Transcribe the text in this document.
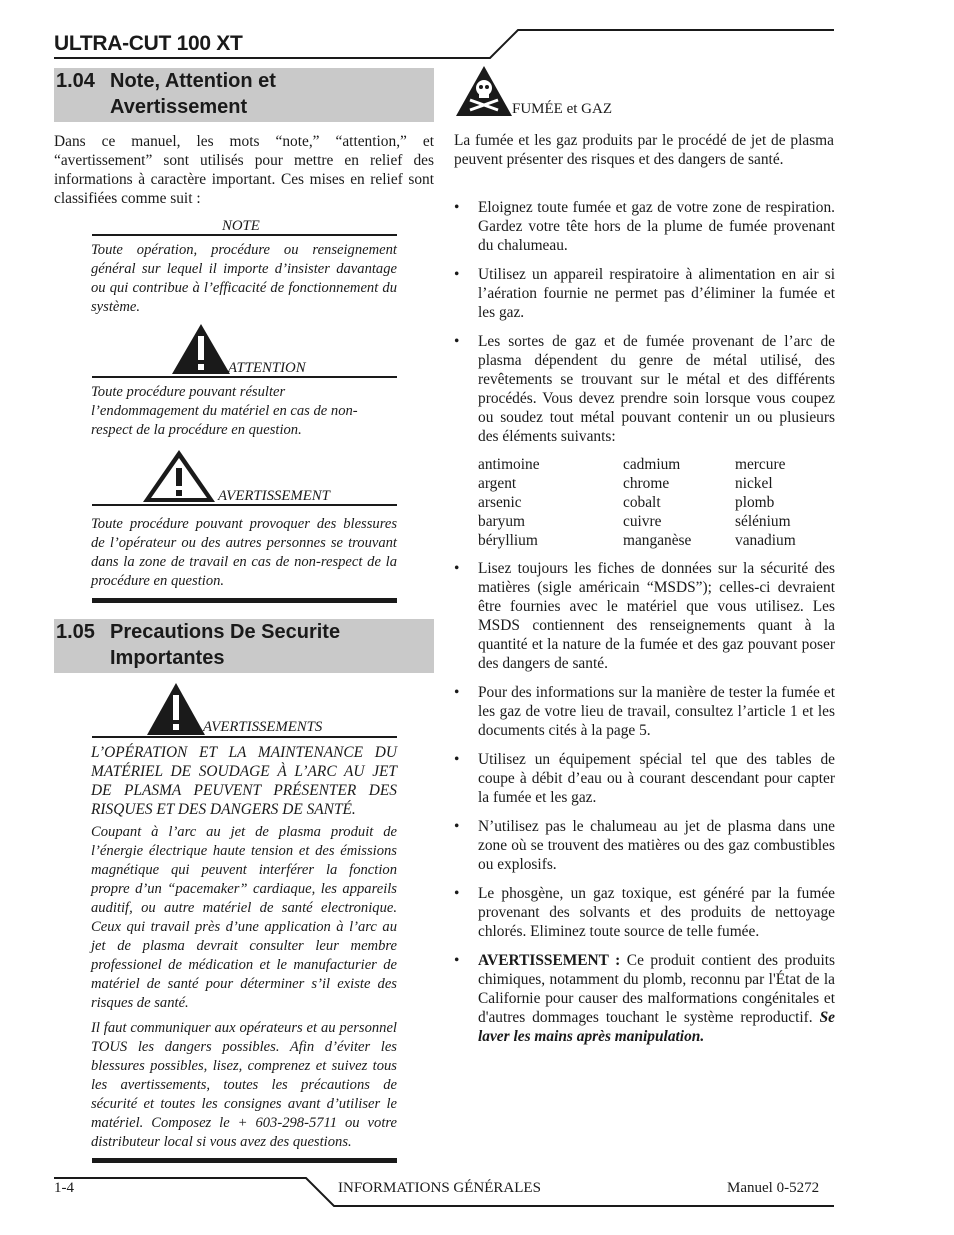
ULTRA-CUT 100 XT
1.04 Note, Attention et
Avertissement
Dans ce manuel, les mots “note,” “attention,” et “avertissement” sont utilisés pour mettre en relief des informations à caractère important. Ces mises en relief sont classifiées comme suit :
NOTE
Toute opération, procédure ou renseignement général sur lequel il importe d’insister davantage ou qui contribue à l’efficacité de fonctionnement du système.
ATTENTION
Toute procédure pouvant résulter l’endommagement du matériel en cas de non-respect de la procédure en question.
AVERTISSEMENT
Toute procédure pouvant provoquer des blessures de l’opérateur ou des autres personnes se trouvant dans la zone de travail en cas de non-respect de la procédure en question.
1.05 Precautions De Securite
Importantes
AVERTISSEMENTS
L’OPÉRATION ET LA MAINTENANCE DU MATÉRIEL DE SOUDAGE À L’ARC AU JET DE PLASMA PEUVENT PRÉSENTER DES RISQUES ET DES DANGERS DE SANTÉ.
Coupant à l’arc au jet de plasma produit de l’énergie électrique haute tension et des émissions magnétique qui peuvent interférer la fonction propre d’un “pacemaker” cardiaque, les appareils auditif, ou autre matériel de santé electronique. Ceux qui travail près d’une application à l’arc au jet de plasma devrait consulter leur membre professionel de médication et le manufacturier de matériel de santé pour déterminer s’il existe des risques de santé.
Il faut communiquer aux opérateurs et au personnel TOUS les dangers possibles. Afin d’éviter les blessures possibles, lisez, comprenez et suivez tous les avertissements, toutes les précautions de sécurité et toutes les consignes avant d’utiliser le matériel. Composez le + 603-298-5711 ou votre distributeur local si vous avez des questions.
FUMÉE et GAZ
La fumée et les gaz produits par le procédé de jet de plasma peuvent présenter des risques et des dangers de santé.
• Eloignez toute fumée et gaz de votre zone de respiration. Gardez votre tête hors de la plume de fumée provenant du chalumeau.
• Utilisez un appareil respiratoire à alimentation en air si l’aération fournie ne permet pas d’éliminer la fumée et les gaz.
• Les sortes de gaz et de fumée provenant de l’arc de plasma dépendent du genre de métal utilisé, des revêtements se trouvant sur le métal et des différents procédés. Vous devez prendre soin lorsque vous coupez ou soudez tout métal pouvant contenir un ou plusieurs des éléments suivants:
antimoine
argent
arsenic
baryum
béryllium
cadmium
chrome
cobalt
cuivre
manganèse
mercure
nickel
plomb
sélénium
vanadium
• Lisez toujours les fiches de données sur la sécurité des matières (sigle américain “MSDS”); celles-ci devraient être fournies avec le matériel que vous utilisez. Les MSDS contiennent des renseignements quant à la quantité et la nature de la fumée et des gaz pouvant poser des dangers de santé.
• Pour des informations sur la manière de tester la fumée et les gaz de votre lieu de travail, consultez l’article 1 et les documents cités à la page 5.
• Utilisez un équipement spécial tel que des tables de coupe à débit d’eau ou à courant descendant pour capter la fumée et les gaz.
• N’utilisez pas le chalumeau au jet de plasma dans une zone où se trouvent des matières ou des gaz combustibles ou explosifs.
• Le phosgène, un gaz toxique, est généré par la fumée provenant des solvants et des produits de nettoyage chlorés. Eliminez toute source de telle fumée.
• AVERTISSEMENT : Ce produit contient des produits chimiques, notamment du plomb, reconnu par l'État de la Californie pour causer des malformations congénitales et d'autres dommages touchant le système reproductif. Se laver les mains après manipulation.
1-4	INFORMATIONS GÉNÉRALES	Manuel 0-5272
